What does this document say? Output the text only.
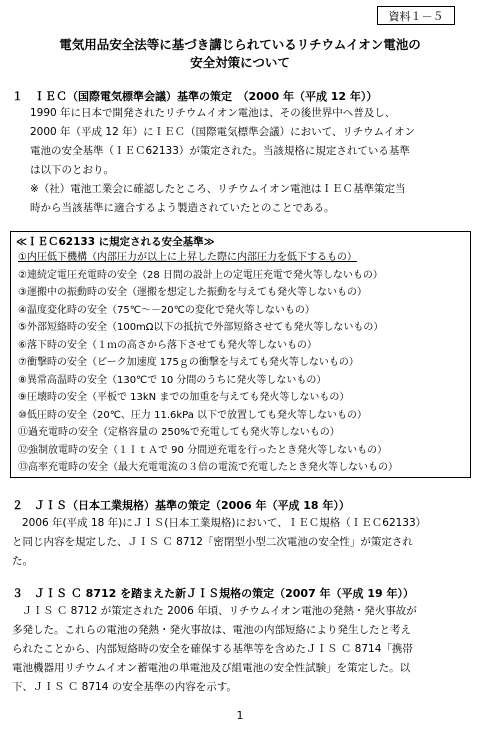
資料１－５
電気用品安全法等に基づき講じられているリチウムイオン電池の
安全対策について
１　ＩＥＣ（国際電気標準会議）基準の策定　（2000 年（平成 12 年））
1990 年に日本で開発されたリチウムイオン電池は、その後世界中へ普及し、
2000 年（平成 12 年）にＩＥＣ（国際電気標準会議）において、リチウムイオン
電池の安全基準（ＩＥＣ62133）が策定された。当該規格に規定されている基準
は以下のとおり。
※（社）電池工業会に確認したところ、リチウムイオン電池はＩＥＣ基準策定当
時から当該基準に適合するよう製造されていたとのことである。
≪ＩＥＣ62133 に規定される安全基準≫
①内圧低下機構（内部圧力が以上に上昇した際に内部圧力を低下するもの）
②連続定電圧充電時の安全（28 日間の設計上の定電圧充電で発火等しないもの）
③運搬中の振動時の安全（運搬を想定した振動を与えても発火等しないもの）
④温度変化時の安全（75℃～－20℃の変化で発火等しないもの）
⑤外部短絡時の安全（100mΩ以下の抵抗で外部短絡させても発火等しないもの）
⑥落下時の安全（１ｍの高さから落下させても発火等しないもの）
⑦衝撃時の安全（ピーク加速度 175ｇの衝撃を与えても発火等しないもの）
⑧異常高温時の安全（130℃で 10 分間のうちに発火等しないもの）
⑨圧壊時の安全（平板で 13kN までの加重を与えても発火等しないもの）
⑩低圧時の安全（20℃、圧力 11.6kPa 以下で放置しても発火等しないもの）
⑪過充電時の安全（定格容量の 250%で充電しても発火等しないもの）
⑫強制放電時の安全（１ＩｔＡで 90 分間逆充電を行ったとき発火等しないもの）
⑬高率充電時の安全（最大充電電流の３倍の電流で充電したとき発火等しないもの）
２　ＪＩＳ（日本工業規格）基準の策定（2006 年（平成 18 年））
2006 年(平成 18 年)にＪＩＳ(日本工業規格)において、ＩＥＣ規格（ＩＥＣ62133）
と同じ内容を規定した、ＪＩＳ Ｃ 8712「密閉型小型二次電池の安全性」が策定され
た。
３　ＪＩＳ Ｃ 8712 を踏まえた新ＪＩＳ規格の策定（2007 年（平成 19 年））
ＪＩＳ Ｃ 8712 が策定された 2006 年頃、リチウムイオン電池の発熱・発火事故が
多発した。これらの電池の発熱・発火事故は、電池の内部短絡により発生したと考え
られたことから、内部短絡時の安全を確保する基準等を含めたＪＩＳ Ｃ 8714「携帯
電池機器用リチウムイオン蓄電池の単電池及び組電池の安全性試験」を策定した。以
下、ＪＩＳ Ｃ 8714 の安全基準の内容を示す。
1
